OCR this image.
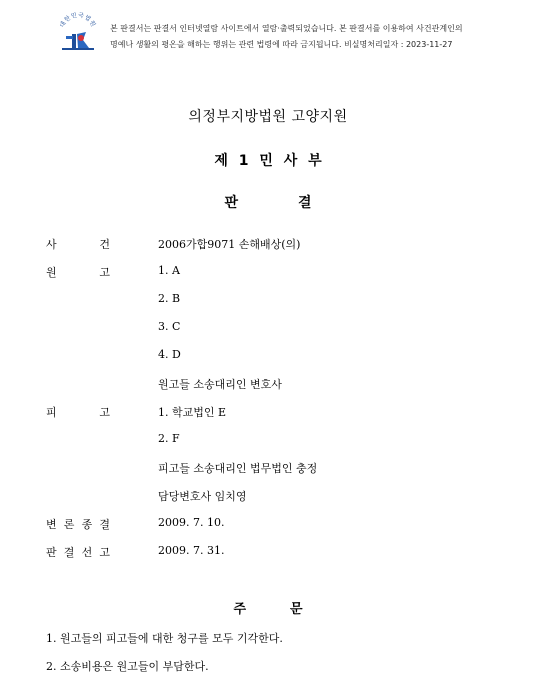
대한민국법원
본 판결서는 판결서 인터넷열람 사이트에서 열람·출력되었습니다. 본 판결서를 이용하여 사건관계인의
명예나 생활의 평온을 해하는 행위는 관련 법령에 따라 금지됩니다. 비실명처리일자 : 2023-11-27
의정부지방법원 고양지원
제 1 민 사 부
판	결
사	건	2006가합9071 손해배상(의)
원	고	1. A
2. B
3. C
4. D
원고들 소송대리인 변호사
피	고	1. 학교법인 E
2. F
피고들 소송대리인 법무법인 충정
담당변호사 임치영
변 론 종 결	2009. 7. 10.
판 결 선 고	2009. 7. 31.
주	문
1. 원고들의 피고들에 대한 청구를 모두 기각한다.
2. 소송비용은 원고들이 부담한다.
